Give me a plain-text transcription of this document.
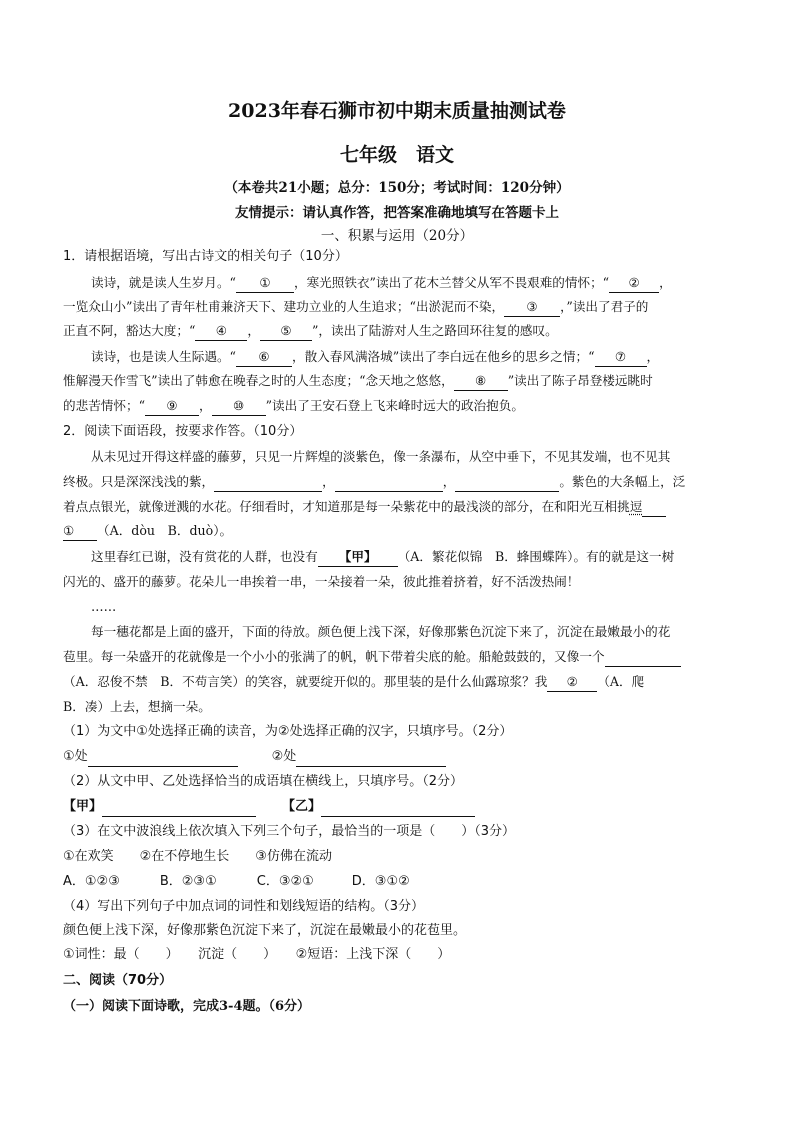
2023年春石狮市初中期末质量抽测试卷
七年级　语文
（本卷共21小题；总分：150分；考试时间：120分钟）
友情提示：请认真作答，把答案准确地填写在答题卡上
一、积累与运用（20分）
1．请根据语境，写出古诗文的相关句子（10分）
读诗，就是读人生岁月。“ ① ，寒光照铁衣”读出了花木兰替父从军不畏艰难的情怀；“ ② ，
一览众山小”读出了青年杜甫兼济天下、建功立业的人生追求；“出淤泥而不染， ③ ，”读出了君子的
正直不阿，豁达大度；“ ④ ， ⑤ ”，读出了陆游对人生之路回环往复的感叹。
读诗，也是读人生际遇。“ ⑥ ，散入春风满洛城”读出了李白远在他乡的思乡之情；“ ⑦ ，
惟解漫天作雪飞”读出了韩愈在晚春之时的人生态度；“念天地之悠悠， ⑧ ”读出了陈子昂登楼远眺时
的悲苦情怀；“ ⑨ ， ⑩ ”读出了王安石登上飞来峰时远大的政治抱负。
2．阅读下面语段，按要求作答。（10分）
从未见过开得这样盛的藤萝，只见一片辉煌的淡紫色，像一条瀑布，从空中垂下，不见其发端，也不见其
终极。只是深深浅浅的紫，	，	，	。紫色的大条幅上，泛
着点点银光，就像迸溅的水花。仔细看时，才知道那是每一朵紫花中的最浅淡的部分，在和阳光互相挑逗
① （A．dòu　B．duò）。
这里春红已谢，没有赏花的人群，也没有 【甲】 （A．繁花似锦　B．蜂围蝶阵）。有的就是这一树
闪光的、盛开的藤萝。花朵儿一串挨着一串，一朵接着一朵，彼此推着挤着，好不活泼热闹！
……
每一穗花都是上面的盛开，下面的待放。颜色便上浅下深，好像那紫色沉淀下来了，沉淀在最嫩最小的花
苞里。每一朵盛开的花就像是一个小小的张满了的帆，帆下带着尖底的舱。船舱鼓鼓的，又像一个
（A．忍俊不禁　B．不苟言笑）的笑容，就要绽开似的。那里装的是什么仙露琼浆？我 ② （A．爬
B．凑）上去，想摘一朵。
（1）为文中①处选择正确的读音，为②处选择正确的汉字，只填序号。（2分）
①处	②处
（2）从文中甲、乙处选择恰当的成语填在横线上，只填序号。（2分）
【甲】	【乙】
（3）在文中波浪线上依次填入下列三个句子，最恰当的一项是（　　）（3分）
①在欢笑　　②在不停地生长　　③仿佛在流动
A．①②③	B．②③①	C．③②①	D．③①②
（4）写出下列句子中加点词的词性和划线短语的结构。（3分）
颜色便上浅下深，好像那紫色沉淀下来了，沉淀在最嫩最小的花苞里。
①词性：最（　　）　　沉淀（　　）　　②短语：上浅下深（　　）
二、阅读（70分）
（一）阅读下面诗歌，完成3-4题。（6分）
